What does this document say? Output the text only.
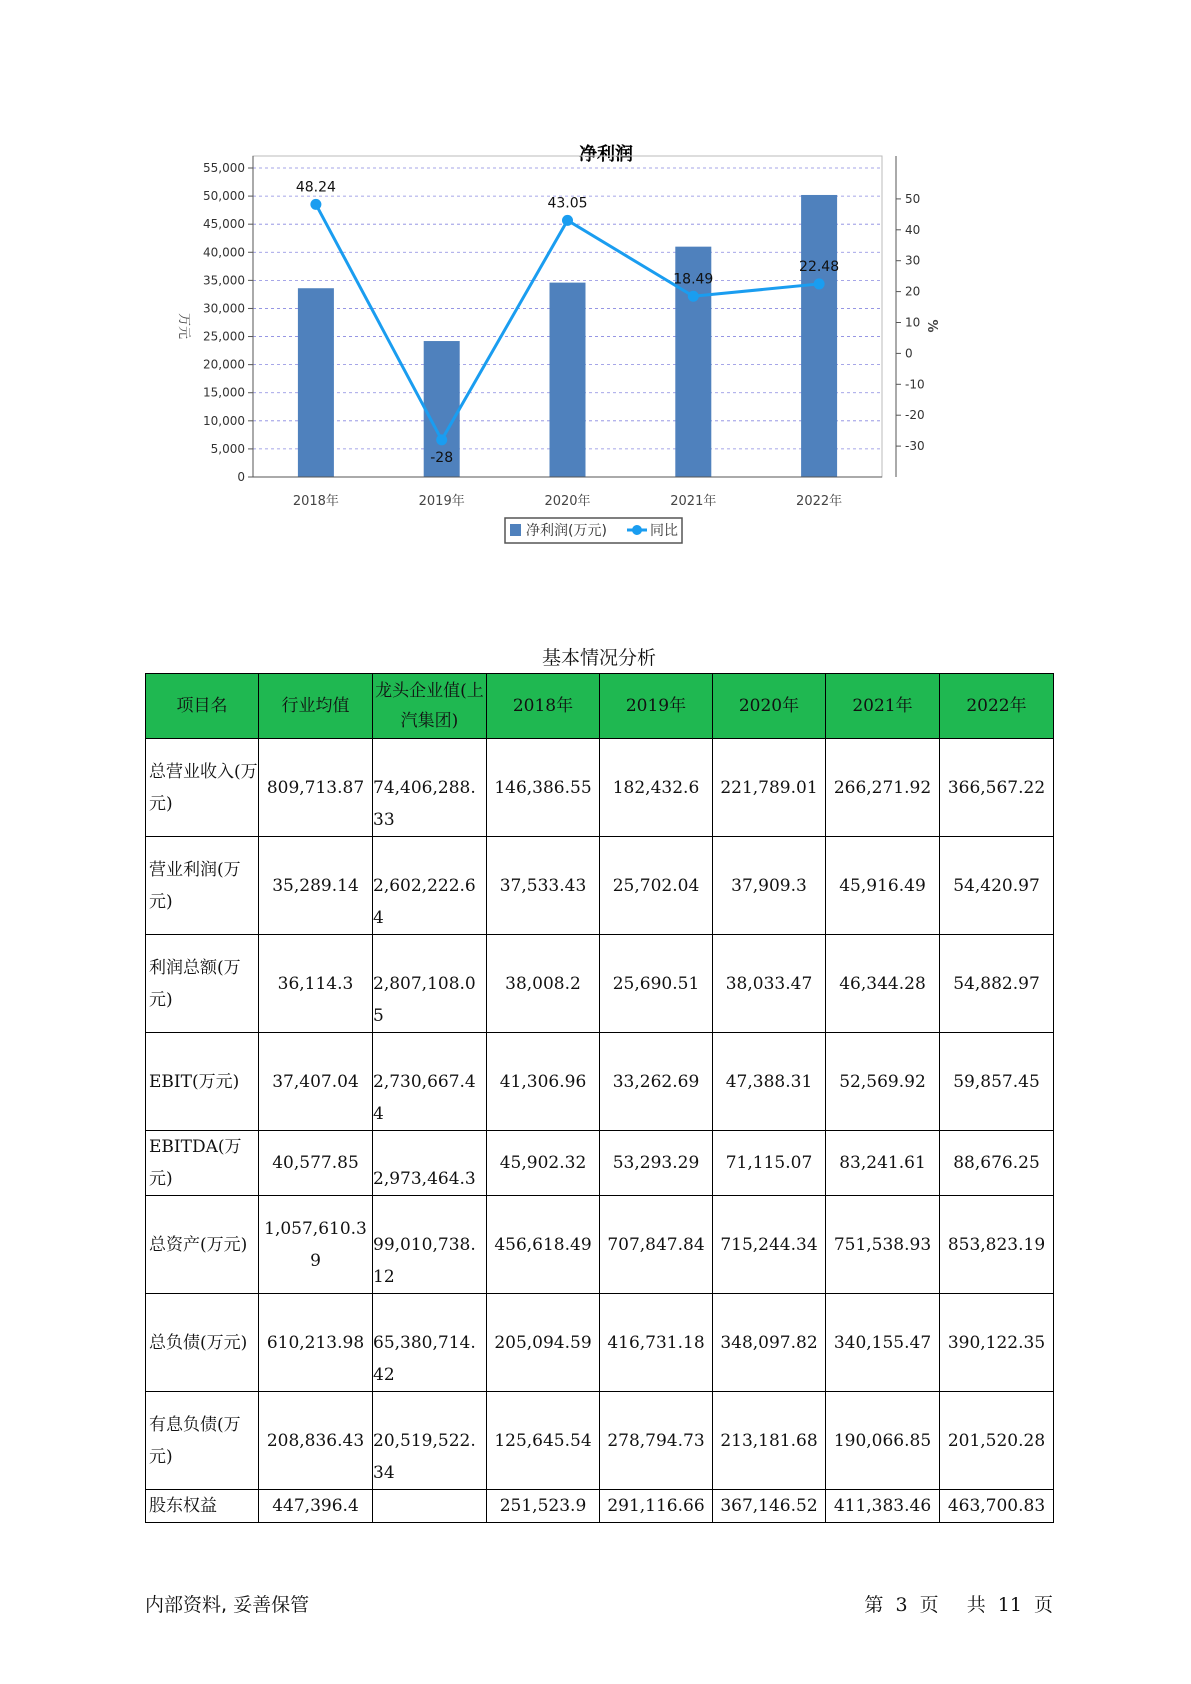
净利润
48.24
-28
43.05
18.49
22.48
0
5,000
10,000
15,000
20,000
25,000
30,000
35,000
40,000
45,000
50,000
55,000
-30
-20
-10
0
10
20
30
40
50
2018年	2019年	2020年	2021年	2022年
万元	%
净利润(万元)	同比
基本情况分析
项目名	行业均值	龙头企业值(上汽集团)	2018年	2019年	2020年	2021年	2022年
总营业收入(万元)	809,713.87	74,406,288.33	146,386.55	182,432.6	221,789.01	266,271.92	366,567.22
营业利润(万元)	35,289.14	2,602,222.64	37,533.43	25,702.04	37,909.3	45,916.49	54,420.97
利润总额(万元)	36,114.3	2,807,108.05	38,008.2	25,690.51	38,033.47	46,344.28	54,882.97
EBIT(万元)	37,407.04	2,730,667.44	41,306.96	33,262.69	47,388.31	52,569.92	59,857.45
EBITDA(万元)	40,577.85	2,973,464.3	45,902.32	53,293.29	71,115.07	83,241.61	88,676.25
总资产(万元)	1,057,610.39	99,010,738.12	456,618.49	707,847.84	715,244.34	751,538.93	853,823.19
总负债(万元)	610,213.98	65,380,714.42	205,094.59	416,731.18	348,097.82	340,155.47	390,122.35
有息负债(万元)	208,836.43	20,519,522.34	125,645.54	278,794.73	213,181.68	190,066.85	201,520.28
股东权益	447,396.4		251,523.9	291,116.66	367,146.52	411,383.46	463,700.83
内部资料, 妥善保管	第 3 页 共 11 页
